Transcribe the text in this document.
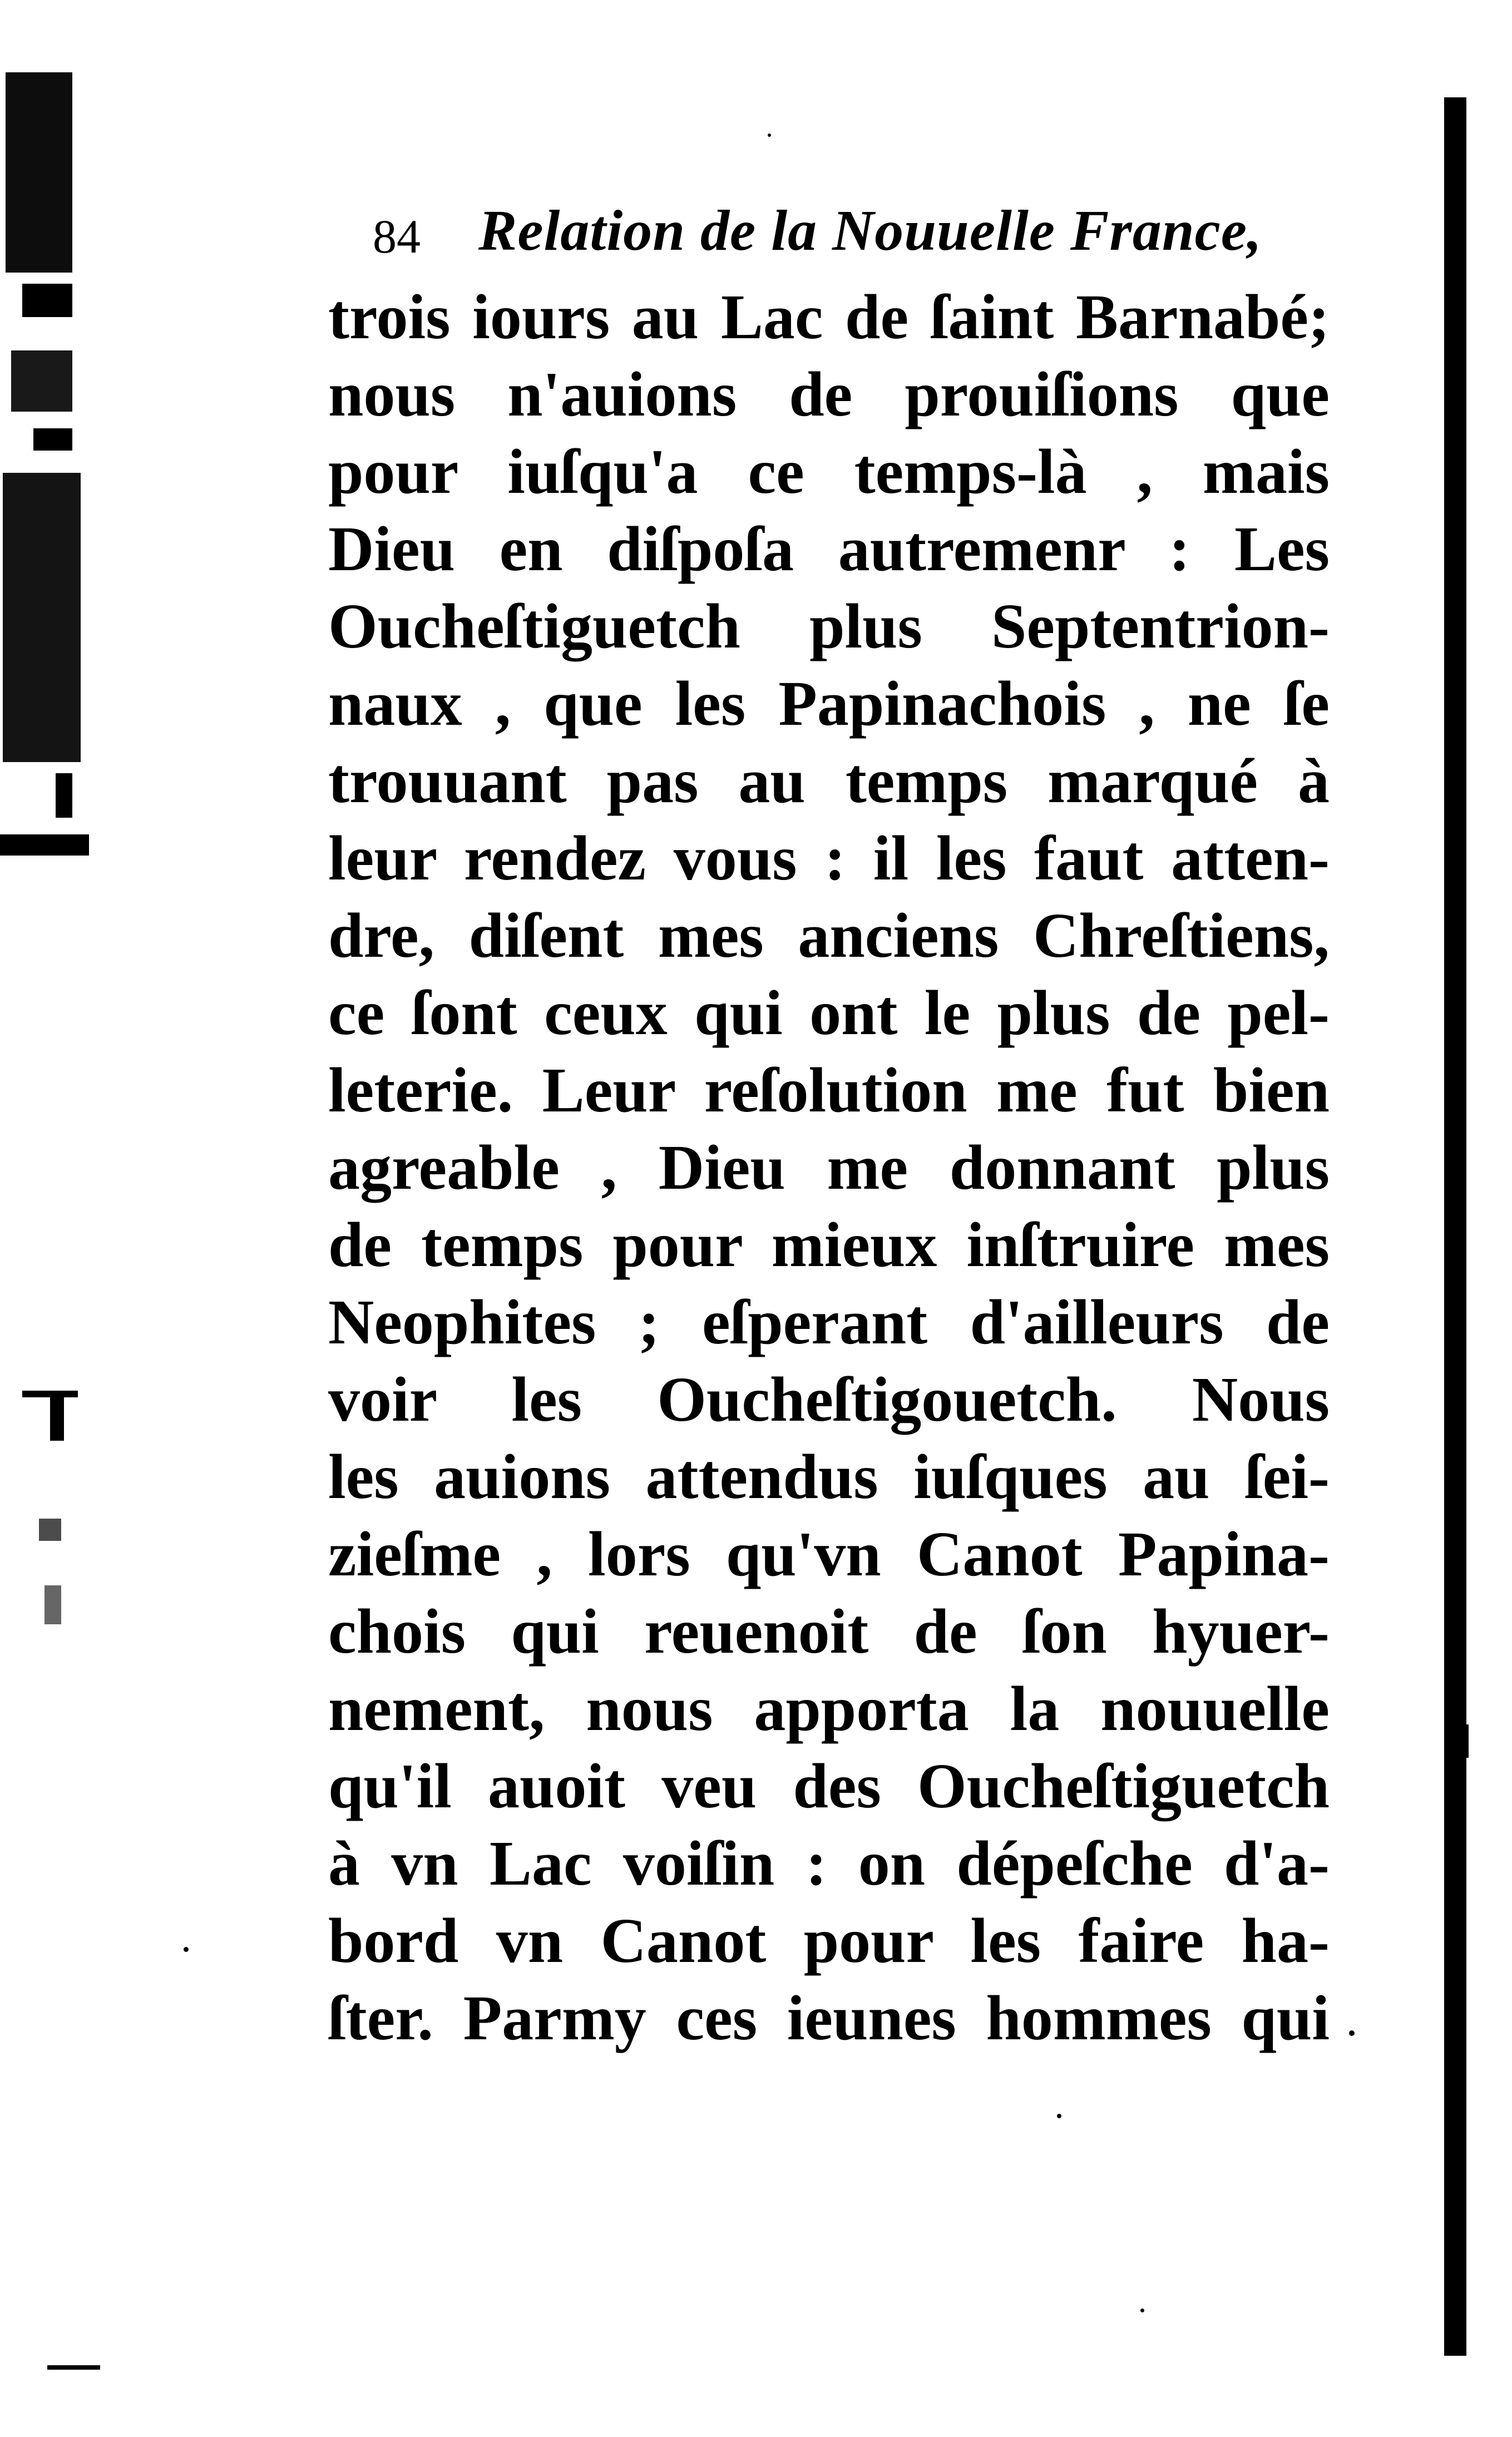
84 Relation de la Nouuelle France,
trois iours au Lac de ſaint Barnabé;
nous n'auions de prouiſions que
pour iuſqu'a ce temps-là , mais
Dieu en diſpoſa autremenr : Les
Oucheſtiguetch plus Septentrion-
naux , que les Papinachois , ne ſe
trouuant pas au temps marqué à
leur rendez vous : il les faut atten-
dre, diſent mes anciens Chreſtiens,
ce ſont ceux qui ont le plus de pel-
leterie. Leur reſolution me fut bien
agreable , Dieu me donnant plus
de temps pour mieux inſtruire mes
Neophites ; eſperant d'ailleurs de
voir les Oucheſtigouetch. Nous
les auions attendus iuſques au ſei-
zieſme , lors qu'vn Canot Papina-
chois qui reuenoit de ſon hyuer-
nement, nous apporta la nouuelle
qu'il auoit veu des Oucheſtiguetch
à vn Lac voiſin : on dépeſche d'a-
bord vn Canot pour les faire ha-
ſter. Parmy ces ieunes hommes qui
